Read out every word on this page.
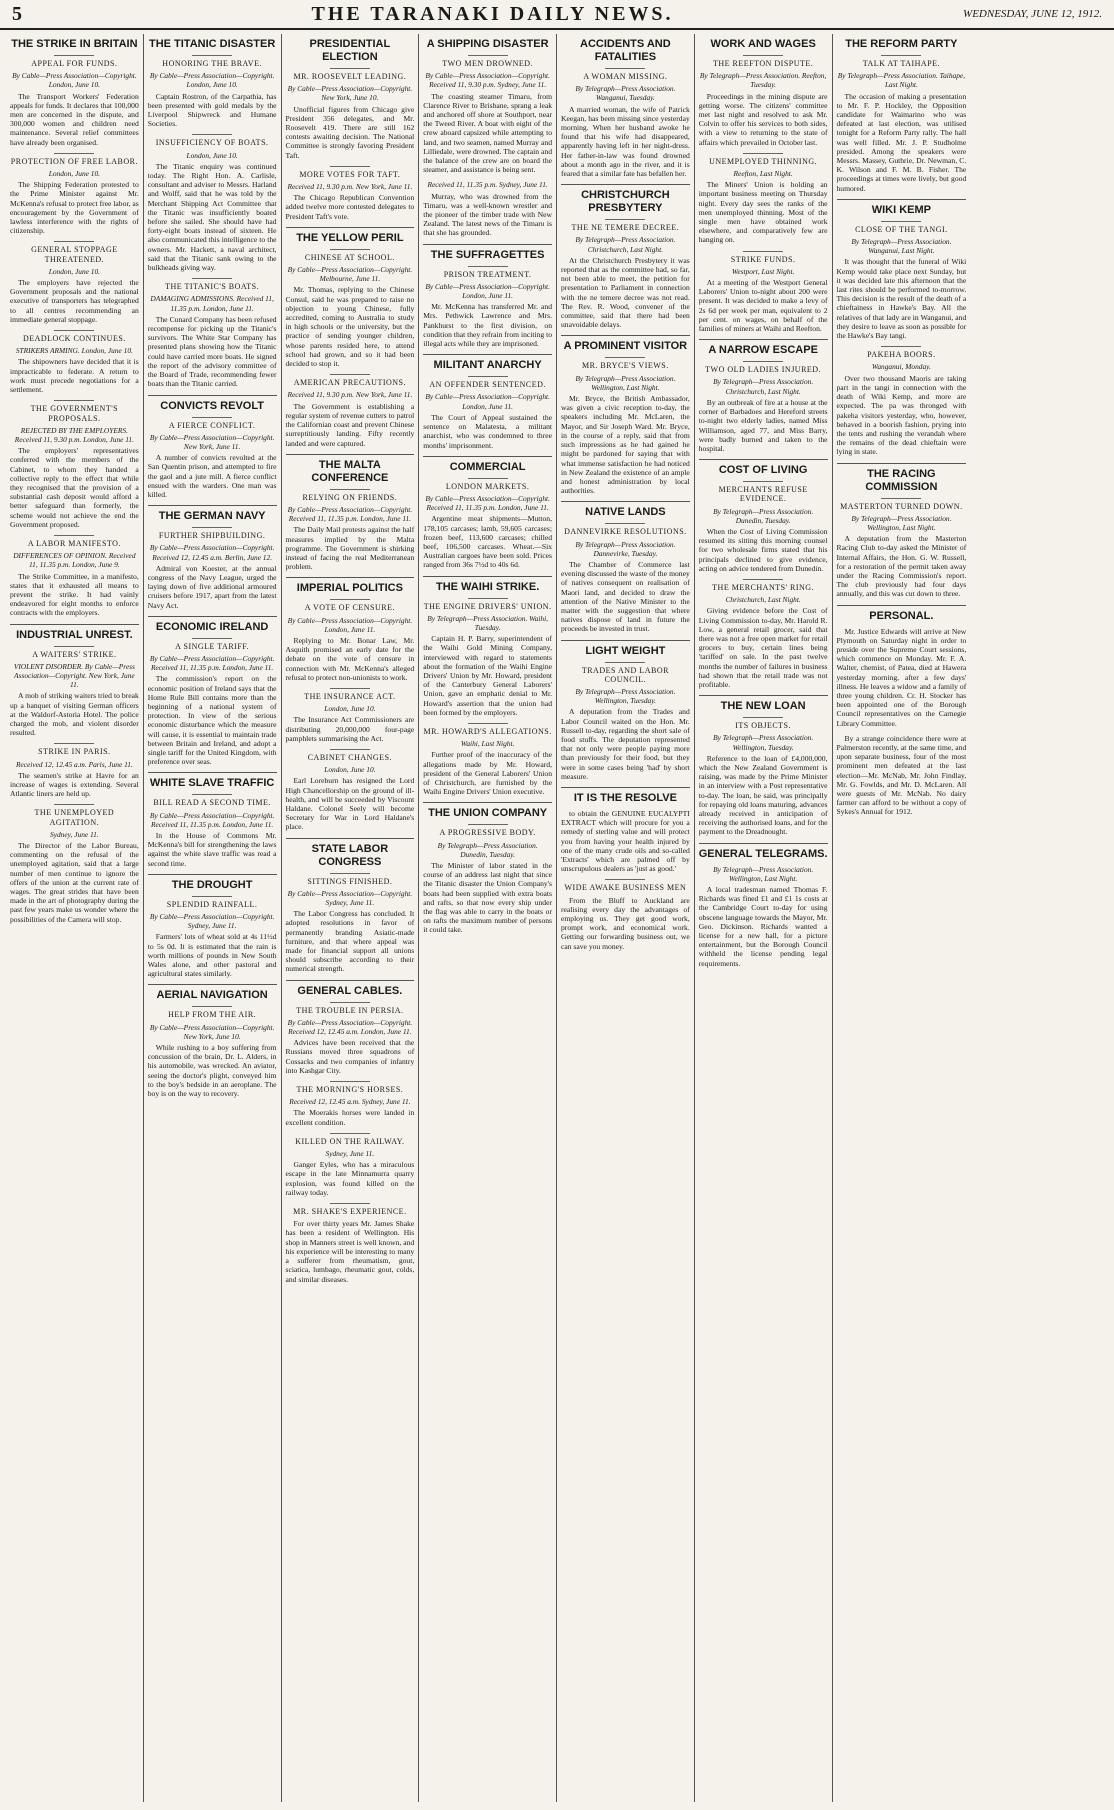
5	THE TARANAKI DAILY NEWS.	WEDNESDAY, JUNE 12, 1912.
THE STRIKE IN BRITAIN
APPEAL FOR FUNDS.
By Cable—Press Association—Copyright. London, June 10.
The Transport Workers' Federation appeals for funds. It declares that 100,000 men are concerned in the dispute, and 300,000 women and children need maintenance. Several relief committees have already been organised.
PROTECTION OF FREE LABOR.
London, June 10.
The Shipping Federation protested to the Prime Minister against Mr. McKenna's refusal to protect free labor, as encouragement by the Government of lawless interference with the rights of citizenship.
GENERAL STOPPAGE THREATENED.
London, June 10.
The employers have rejected the Government proposals and the national executive of transporters has telegraphed to all centres recommending an immediate general stoppage.
DEADLOCK CONTINUES.
STRIKERS ARMING. London, June 10.
The shipowners have decided that it is impracticable to federate. A return to work must precede negotiations for a settlement.
THE GOVERNMENT'S PROPOSALS.
REJECTED BY THE EMPLOYERS. Received 11, 9.30 p.m. London, June 11.
The employers' representatives conferred with the members of the Cabinet, to whom they handed a collective reply to the effect that while they recognised that the provision of a substantial cash deposit would afford a better safeguard than formerly, the scheme would not achieve the end the Government proposed.
A LABOR MANIFESTO.
DIFFERENCES OF OPINION. Received 11, 11.35 p.m. London, June 9.
The Strike Committee, in a manifesto, states that it exhausted all means to prevent the strike. It had vainly endeavored for eight months to enforce contracts with the employers.
INDUSTRIAL UNREST.
A WAITERS' STRIKE.
VIOLENT DISORDER. By Cable—Press Association—Copyright. New York, June 11.
A mob of striking waiters tried to break up a banquet of visiting German officers at the Waldorf-Astoria Hotel. The police charged the mob, and violent disorder resulted.
STRIKE IN PARIS.
Received 12, 12.45 a.m. Paris, June 11.
The seamen's strike at Havre for an increase of wages is extending. Several Atlantic liners are held up.
THE UNEMPLOYED AGITATION.
Sydney, June 11.
The Director of the Labor Bureau, commenting on the refusal of the unemployed agitation, said that a large number of men continue to ignore the offers of the union at the current rate of wages. The great strides that have been made in the art of photography during the past few years make us wonder where the possibilities of the Camera will stop.
THE TITANIC DISASTER
HONORING THE BRAVE.
By Cable—Press Association—Copyright. London, June 10.
Captain Rostron, of the Carpathia, has been presented with gold medals by the Liverpool Shipwreck and Humane Societies.
INSUFFICIENCY OF BOATS.
London, June 10.
The Titanic enquiry was continued today. The Right Hon. A. Carlisle, consultant and adviser to Messrs. Harland and Wolff, said that he was told by the Merchant Shipping Act Committee that the Titanic was insufficiently boated before she sailed. She should have had forty-eight boats instead of sixteen. He also communicated this intelligence to the owners. Mr. Hackett, a naval architect, said that the Titanic sank owing to the bulkheads giving way.
THE TITANIC'S BOATS.
DAMAGING ADMISSIONS. Received 11, 11.35 p.m. London, June 11.
The Cunard Company has been refused recompense for picking up the Titanic's survivors. The White Star Company has presented plans showing how the Titanic could have carried more boats. He signed the report of the advisory committee of the Board of Trade, recommending fewer boats than the Titanic carried.
CONVICTS REVOLT
A FIERCE CONFLICT.
By Cable—Press Association—Copyright. New York, June 11.
A number of convicts revolted at the San Quentin prison, and attempted to fire the gaol and a jute mill. A fierce conflict ensued with the warders. One man was killed.
THE GERMAN NAVY
FURTHER SHIPBUILDING.
By Cable—Press Association—Copyright. Received 12, 12.45 a.m. Berlin, June 12.
Admiral von Koester, at the annual congress of the Navy League, urged the laying down of five additional armoured cruisers before 1917, apart from the latest Navy Act.
ECONOMIC IRELAND
A SINGLE TARIFF.
By Cable—Press Association—Copyright. Received 11, 11.35 p.m. London, June 11.
The commission's report on the economic position of Ireland says that the Home Rule Bill contains more than the beginning of a national system of protection. In view of the serious economic disturbance which the measure will cause, it is essential to maintain trade between Britain and Ireland, and adopt a single tariff for the United Kingdom, with preference over seas.
WHITE SLAVE TRAFFIC
BILL READ A SECOND TIME.
By Cable—Press Association—Copyright. Received 11, 11.35 p.m. London, June 11.
In the House of Commons Mr. McKenna's bill for strengthening the laws against the white slave traffic was read a second time.
THE DROUGHT
SPLENDID RAINFALL.
By Cable—Press Association—Copyright. Sydney, June 11.
Farmers' lots of wheat sold at 4s 11½d to 5s 0d. It is estimated that the rain is worth millions of pounds in New South Wales alone, and other pastoral and agricultural states similarly.
AERIAL NAVIGATION
HELP FROM THE AIR.
By Cable—Press Association—Copyright. New York, June 10.
While rushing to a boy suffering from concussion of the brain, Dr. L. Alders, in his automobile, was wrecked. An aviator, seeing the doctor's plight, conveyed him to the boy's bedside in an aeroplane. The boy is on the way to recovery.
PRESIDENTIAL ELECTION
MR. ROOSEVELT LEADING.
By Cable—Press Association—Copyright. New York, June 10.
Unofficial figures from Chicago give President 356 delegates, and Mr. Roosevelt 419. There are still 162 contests awaiting decision. The National Committee is strongly favoring President Taft.
MORE VOTES FOR TAFT.
Received 11, 9.30 p.m. New York, June 11.
The Chicago Republican Convention added twelve more contested delegates to President Taft's vote.
THE YELLOW PERIL
CHINESE AT SCHOOL.
By Cable—Press Association—Copyright. Melbourne, June 11.
Mr. Thomas, replying to the Chinese Consul, said he was prepared to raise no objection to young Chinese, fully accredited, coming to Australia to study in high schools or the university, but the practice of sending younger children, whose parents resided here, to attend school had grown, and so it had been decided to stop it.
AMERICAN PRECAUTIONS.
Received 11, 9.30 p.m. New York, June 11.
The Government is establishing a regular system of revenue cutters to patrol the Californian coast and prevent Chinese surreptitiously landing. Fifty recently landed and were captured.
THE MALTA CONFERENCE
RELYING ON FRIENDS.
By Cable—Press Association—Copyright. Received 11, 11.35 p.m. London, June 11.
The Daily Mail protests against the half measures implied by the Malta programme. The Government is shirking instead of facing the real Mediterranean problem.
IMPERIAL POLITICS
A VOTE OF CENSURE.
By Cable—Press Association—Copyright. London, June 11.
Replying to Mr. Bonar Law, Mr. Asquith promised an early date for the debate on the vote of censure in connection with Mr. McKenna's alleged refusal to protect non-unionists to work.
THE INSURANCE ACT.
London, June 10.
The Insurance Act Commissioners are distributing 20,000,000 four-page pamphlets summarising the Act.
CABINET CHANGES.
London, June 10.
Earl Loreburn has resigned the Lord High Chancellorship on the ground of ill-health, and will be succeeded by Viscount Haldane. Colonel Seely will become Secretary for War in Lord Haldane's place.
STATE LABOR CONGRESS
SITTINGS FINISHED.
By Cable—Press Association—Copyright. Sydney, June 11.
The Labor Congress has concluded. It adopted resolutions in favor of permanently branding Asiatic-made furniture, and that where appeal was made for financial support all unions should subscribe according to their numerical strength.
GENERAL CABLES.
THE TROUBLE IN PERSIA.
By Cable—Press Association—Copyright. Received 12, 12.45 a.m. London, June 11.
Advices have been received that the Russians moved three squadrons of Cossacks and two companies of infantry into Kashgar City.
THE MORNING'S HORSES.
Received 12, 12.45 a.m. Sydney, June 11.
The Moerakis horses were landed in excellent condition.
KILLED ON THE RAILWAY.
Sydney, June 11.
Ganger Eyles, who has a miraculous escape in the late Minnamurra quarry explosion, was found killed on the railway today.
MR. SHAKE'S EXPERIENCE.
For over thirty years Mr. James Shake has been a resident of Wellington. His shop in Manners street is well known, and his experience will be interesting to many a sufferer from rheumatism, gout, sciatica, lumbago, rheumatic gout, colds, and similar diseases.
A SHIPPING DISASTER
TWO MEN DROWNED.
By Cable—Press Association—Copyright. Received 11, 9.30 p.m. Sydney, June 11.
The coasting steamer Timaru, from Clarence River to Brisbane, sprang a leak and anchored off shore at Southport, near the Tweed River. A boat with eight of the crew aboard capsized while attempting to land, and two seamen, named Murray and Lilliedale, were drowned. The captain and the balance of the crew are on board the steamer, and assistance is being sent.
Received 11, 11.35 p.m. Sydney, June 11.
Murray, who was drowned from the Timaru, was a well-known wrestler and the pioneer of the timber trade with New Zealand. The latest news of the Timaru is that she has grounded.
THE SUFFRAGETTES
PRISON TREATMENT.
By Cable—Press Association—Copyright. London, June 11.
Mr. McKenna has transferred Mr. and Mrs. Pethwick Lawrence and Mrs. Pankhurst to the first division, on condition that they refrain from inciting to illegal acts while they are imprisoned.
MILITANT ANARCHY
AN OFFENDER SENTENCED.
By Cable—Press Association—Copyright. London, June 11.
The Court of Appeal sustained the sentence on Malatesta, a militant anarchist, who was condemned to three months' imprisonment.
COMMERCIAL
LONDON MARKETS.
By Cable—Press Association—Copyright. Received 11, 11.35 p.m. London, June 11.
Argentine meat shipments—Mutton, 178,105 carcases; lamb, 59,605 carcases; frozen beef, 113,600 carcases; chilled beef, 106,500 carcases. Wheat.—Six Australian cargoes have been sold. Prices ranged from 36s 7½d to 40s 6d.
THE WAIHI STRIKE.
THE ENGINE DRIVERS' UNION.
By Telegraph—Press Association. Waihi, Tuesday.
Captain H. P. Barry, superintendent of the Waihi Gold Mining Company, interviewed with regard to statements about the formation of the Waihi Engine Drivers' Union by Mr. Howard, president of the Canterbury General Laborers' Union, gave an emphatic denial to Mr. Howard's assertion that the union had been formed by the employers.
MR. HOWARD'S ALLEGATIONS.
Waihi, Last Night.
Further proof of the inaccuracy of the allegations made by Mr. Howard, president of the General Laborers' Union of Christchurch, are furnished by the Waihi Engine Drivers' Union executive.
THE UNION COMPANY
A PROGRESSIVE BODY.
By Telegraph—Press Association. Dunedin, Tuesday.
The Minister of labor stated in the course of an address last night that since the Titanic disaster the Union Company's boats had been supplied with extra boats and rafts, so that now every ship under the flag was able to carry in the boats or on rafts the maximum number of persons it could take.
ACCIDENTS AND FATALITIES
A WOMAN MISSING.
By Telegraph—Press Association. Wanganui, Tuesday.
A married woman, the wife of Patrick Keegan, has been missing since yesterday morning. When her husband awoke he found that his wife had disappeared, apparently having left in her night-dress. Her father-in-law was found drowned about a month ago in the river, and it is feared that a similar fate has befallen her.
CHRISTCHURCH PRESBYTERY
THE NE TEMERE DECREE.
By Telegraph—Press Association. Christchurch, Last Night.
At the Christchurch Presbytery it was reported that as the committee had, so far, not been able to meet, the petition for presentation to Parliament in connection with the ne temere decree was not read. The Rev. R. Wood, convener of the committee, said that there had been unavoidable delays.
A PROMINENT VISITOR
MR. BRYCE'S VIEWS.
By Telegraph—Press Association. Wellington, Last Night.
Mr. Bryce, the British Ambassador, was given a civic reception to-day, the speakers including Mr. McLaren, the Mayor, and Sir Joseph Ward. Mr. Bryce, in the course of a reply, said that from such impressions as he had gained he might be pardoned for saying that with what immense satisfaction he had noticed in New Zealand the existence of an ample and honest administration by local authorities.
NATIVE LANDS
DANNEVIRKE RESOLUTIONS.
By Telegraph—Press Association. Dannevirke, Tuesday.
The Chamber of Commerce last evening discussed the waste of the money of natives consequent on realisation of Maori land, and decided to draw the attention of the Native Minister to the matter with the suggestion that where natives dispose of land in future the proceeds be invested in trust.
LIGHT WEIGHT
TRADES AND LABOR COUNCIL.
By Telegraph—Press Association. Wellington, Tuesday.
A deputation from the Trades and Labor Council waited on the Hon. Mr. Russell to-day, regarding the short sale of food stuffs. The deputation represented that not only were people paying more than previously for their food, but they were in some cases being 'had' by short measure.
IT IS THE RESOLVE
to obtain the GENUINE EUCALYPTI EXTRACT which will procure for you a remedy of sterling value and will protect you from having your health injured by one of the many crude oils and so-called 'Extracts' which are palmed off by unscrupulous dealers as 'just as good.'
WIDE AWAKE BUSINESS MEN
From the Bluff to Auckland are realising every day the advantages of employing us. They get good work, prompt work, and economical work. Getting our forwarding business out, we can save you money.
WORK AND WAGES
THE REEFTON DISPUTE.
By Telegraph—Press Association. Reefton, Tuesday.
Proceedings in the mining dispute are getting worse. The citizens' committee met last night and resolved to ask Mr. Colvin to offer his services to both sides, with a view to returning to the state of affairs which prevailed in October last.
UNEMPLOYED THINNING.
Reefton, Last Night.
The Miners' Union is holding an important business meeting on Thursday night. Every day sees the ranks of the men unemployed thinning. Most of the single men have obtained work elsewhere, and comparatively few are hanging on.
STRIKE FUNDS.
Westport, Last Night.
At a meeting of the Westport General Laborers' Union to-night about 200 were present. It was decided to make a levy of 2s 6d per week per man, equivalent to 2 per cent. on wages, on behalf of the families of miners at Waihi and Reefton.
A NARROW ESCAPE
TWO OLD LADIES INJURED.
By Telegraph—Press Association. Christchurch, Last Night.
By an outbreak of fire at a house at the corner of Barbadoes and Hereford streets to-night two elderly ladies, named Miss Williamson, aged 77, and Miss Barry, were badly burned and taken to the hospital.
COST OF LIVING
MERCHANTS REFUSE EVIDENCE.
By Telegraph—Press Association. Dunedin, Tuesday.
When the Cost of Living Commission resumed its sitting this morning counsel for two wholesale firms stated that his principals declined to give evidence, acting on advice tendered from Dunedin.
THE MERCHANTS' RING.
Christchurch, Last Night.
Giving evidence before the Cost of Living Commission to-day, Mr. Harold R. Low, a general retail grocer, said that there was not a free open market for retail grocers to buy, certain lines being 'tariffed' on sale. In the past twelve months the number of failures in business had shown that the retail trade was not profitable.
THE NEW LOAN
ITS OBJECTS.
By Telegraph—Press Association. Wellington, Tuesday.
Reference to the loan of £4,000,000, which the New Zealand Government is raising, was made by the Prime Minister in an interview with a Post representative to-day. The loan, he said, was principally for repaying old loans maturing, advances already received in anticipation of receiving the authorised loans, and for the payment to the Dreadnought.
GENERAL TELEGRAMS.
By Telegraph—Press Association. Wellington, Last Night.
A local tradesman named Thomas F. Richards was fined £1 and £1 1s costs at the Cambridge Court to-day for using obscene language towards the Mayor, Mr. Geo. Dickinson. Richards wanted a license for a new hall, for a picture entertainment, but the Borough Council withheld the license pending legal requirements.
THE REFORM PARTY
TALK AT TAIHAPE.
By Telegraph—Press Association. Taihape, Last Night.
The occasion of making a presentation to Mr. F. P. Hockley, the Opposition candidate for Waimarino who was defeated at last election, was utilised tonight for a Reform Party rally. The hall was well filled. Mr. J. P. Studholme presided. Among the speakers were Messrs. Massey, Guthrie, Dr. Newman, C. K. Wilson and F. M. B. Fisher. The proceedings at times were lively, but good humored.
WIKI KEMP
CLOSE OF THE TANGI.
By Telegraph—Press Association. Wanganui, Last Night.
It was thought that the funeral of Wiki Kemp would take place next Sunday, but it was decided late this afternoon that the last rites should be performed to-morrow. This decision is the result of the death of a chieftainess in Hawke's Bay. All the relatives of that lady are in Wanganui, and they desire to leave as soon as possible for the Hawke's Bay tangi.
PAKEHA BOORS.
Wanganui, Monday.
Over two thousand Maoris are taking part in the tangi in connection with the death of Wiki Kemp, and more are expected. The pa was thronged with pakeha visitors yesterday, who, however, behaved in a boorish fashion, prying into the tents and rushing the verandah where the remains of the dead chieftain were lying in state.
THE RACING COMMISSION
MASTERTON TURNED DOWN.
By Telegraph—Press Association. Wellington, Last Night.
A deputation from the Masterton Racing Club to-day asked the Minister of Internal Affairs, the Hon. G. W. Russell, for a restoration of the permit taken away under the Racing Commission's report. The club previously had four days annually, and this was cut down to three.
PERSONAL.
Mr. Justice Edwards will arrive at New Plymouth on Saturday night in order to preside over the Supreme Court sessions, which commence on Monday. Mr. F. A. Walter, chemist, of Patea, died at Hawera yesterday morning, after a few days' illness. He leaves a widow and a family of three young children. Cr. H. Stocker has been appointed one of the Borough Council representatives on the Carnegie Library Committee.
By a strange coincidence there were at Palmerston recently, at the same time, and upon separate business, four of the most prominent men defeated at the last election—Mr. McNab, Mr. John Findlay, Mr. G. Fowlds, and Mr. D. McLaren. All were guests of Mr. McNab. No dairy farmer can afford to be without a copy of Sykes's Annual for 1912.
